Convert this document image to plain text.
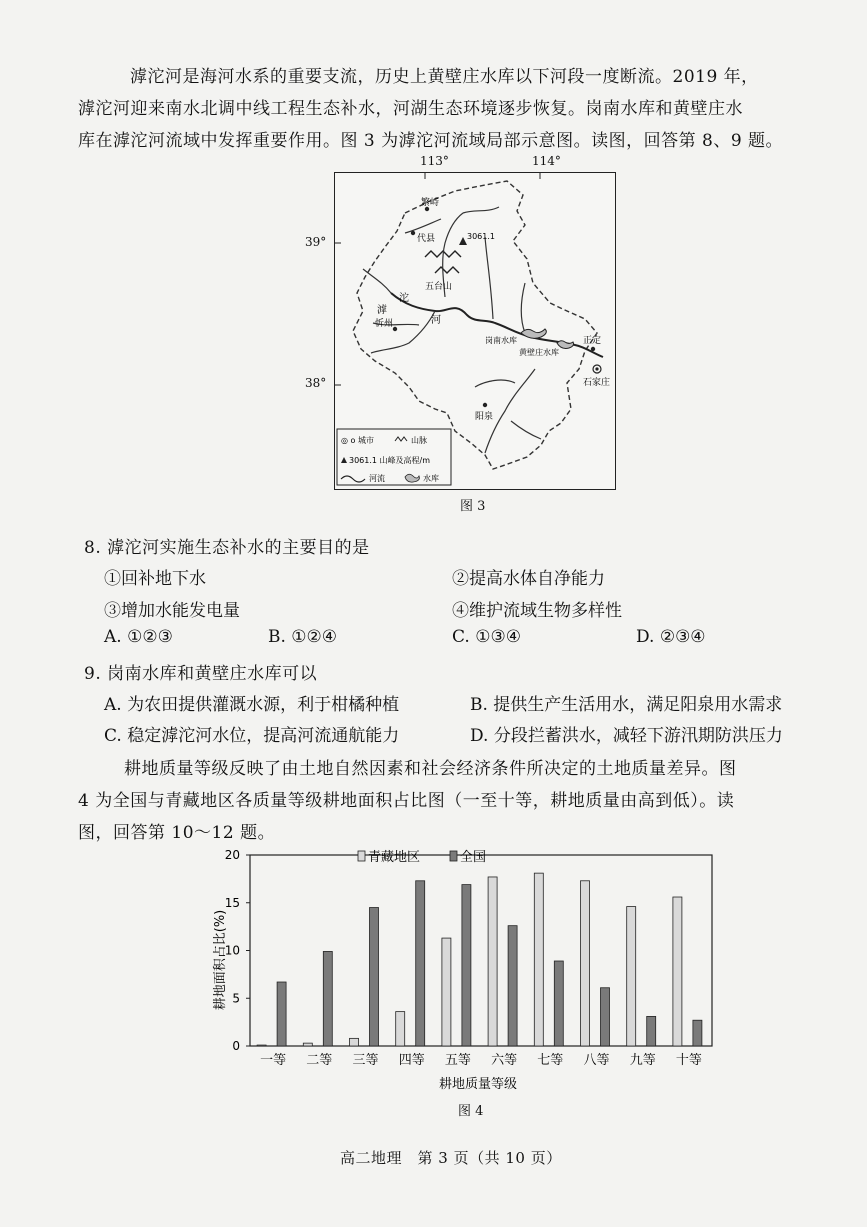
滹沱河是海河水系的重要支流，历史上黄壁庄水库以下河段一度断流。2019 年，
滹沱河迎来南水北调中线工程生态补水，河湖生态环境逐步恢复。岗南水库和黄壁庄水
库在滹沱河流域中发挥重要作用。图 3 为滹沱河流域局部示意图。读图，回答第 8、9 题。
113°	114°
39°
38°
繁峙
代县
五台山
3061.1
忻州
阳泉
岗南水库
黄壁庄水库
正定
石家庄
滹
沱
河
◎ o 城市	山脉
3061.1 山峰及高程/m
河流	水库
图 3
8. 滹沱河实施生态补水的主要目的是
①回补地下水	②提高水体自净能力
③增加水能发电量	④维护流域生物多样性
A. ①②③	B. ①②④	C. ①③④	D. ②③④
9. 岗南水库和黄壁庄水库可以
A. 为农田提供灌溉水源，利于柑橘种植	B. 提供生产生活用水，满足阳泉用水需求
C. 稳定滹沱河水位，提高河流通航能力	D. 分段拦蓄洪水，减轻下游汛期防洪压力
耕地质量等级反映了由土地自然因素和社会经济条件所决定的土地质量差异。图
4 为全国与青藏地区各质量等级耕地面积占比图（一至十等，耕地质量由高到低）。读
图，回答第 10～12 题。
0
5
10
15
20
一等 二等 三等 四等 五等 六等 七等 八等 九等 十等
耕地面积占比(%)
耕地质量等级
青藏地区	全国
图 4
高二地理　第 3 页（共 10 页）
